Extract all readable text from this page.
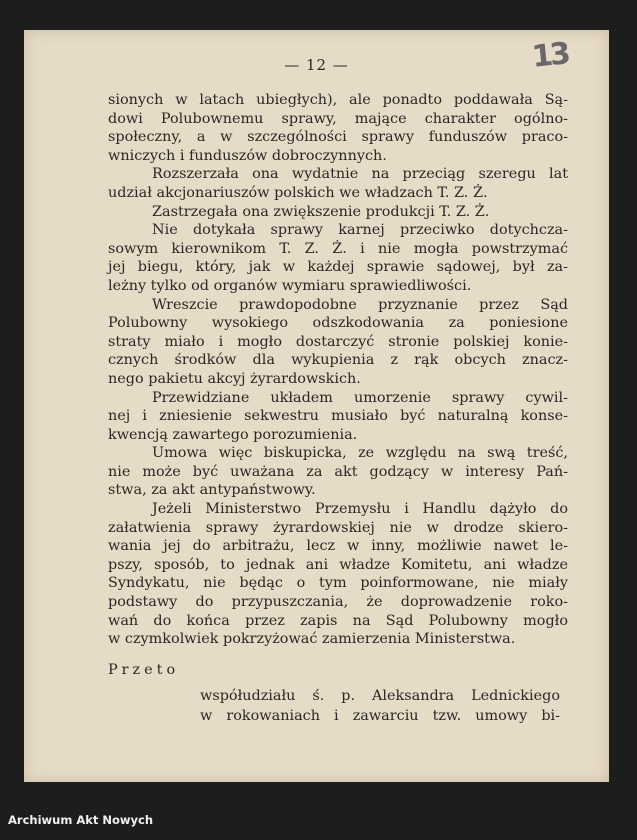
— 12 —	13

sionych w latach ubiegłych), ale ponadto poddawała Są-
dowi Polubownemu sprawy, mające charakter ogólno-
społeczny, a w szczególności sprawy funduszów praco-
wniczych i funduszów dobroczynnych.

Rozszerzała ona wydatnie na przeciąg szeregu lat
udział akcjonariuszów polskich we władzach T. Z. Ż.

Zastrzegała ona zwiększenie produkcji T. Z. Ż.

Nie dotykała sprawy karnej przeciwko dotychcza-
sowym kierownikom T. Z. Ż. i nie mogła powstrzymać
jej biegu, który, jak w każdej sprawie sądowej, był za-
leżny tylko od organów wymiaru sprawiedliwości.

Wreszcie prawdopodobne przyznanie przez Sąd
Polubowny wysokiego odszkodowania za poniesione
straty miało i mogło dostarczyć stronie polskiej konie-
cznych środków dla wykupienia z rąk obcych znacz-
nego pakietu akcyj żyrardowskich.

Przewidziane układem umorzenie sprawy cywil-
nej i zniesienie sekwestru musiało być naturalną konse-
kwencją zawartego porozumienia.

Umowa więc biskupicka, ze względu na swą treść,
nie może być uważana za akt godzący w interesy Pań-
stwa, za akt antypaństwowy.

Jeżeli Ministerstwo Przemysłu i Handlu dążyło do
załatwienia sprawy żyrardowskiej nie w drodze skiero-
wania jej do arbitrażu, lecz w inny, możliwie nawet le-
pszy, sposób, to jednak ani władze Komitetu, ani władze
Syndykatu, nie będąc o tym poinformowane, nie miały
podstawy do przypuszczania, że doprowadzenie roko-
wań do końca przez zapis na Sąd Polubowny mogło
w czymkolwiek pokrzyżować zamierzenia Ministerstwa.

Przeto
współudziału ś. p. Aleksandra Lednickiego
w rokowaniach i zawarciu tzw. umowy bi-
Archiwum Akt Nowych
